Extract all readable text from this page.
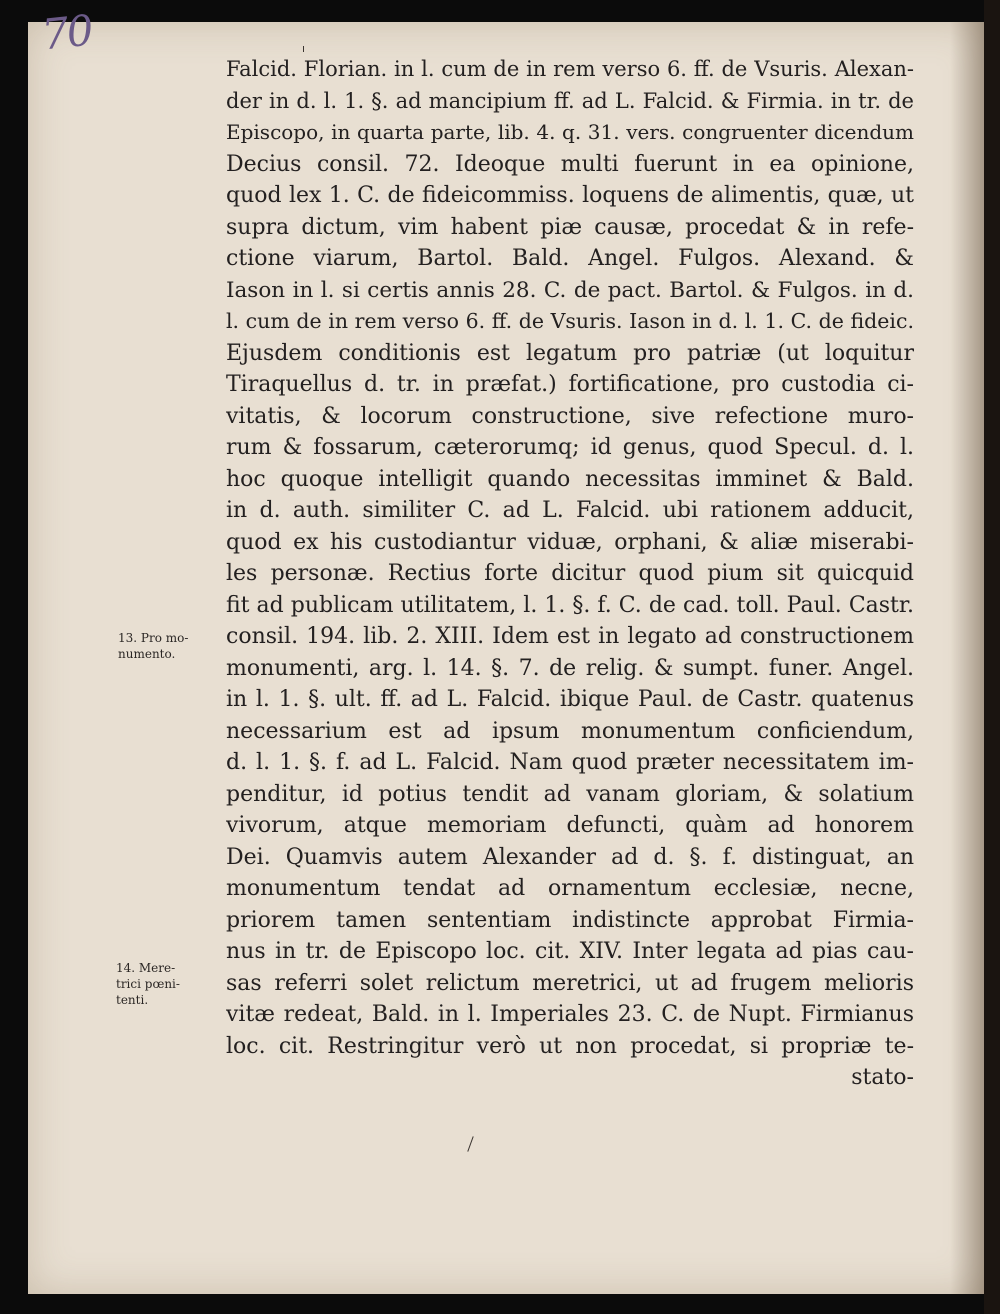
70
13. Pro mo-
numento.
14. Mere-
trici pœni-
tenti.
Falcid. Florian. in l. cum de in rem verso 6. ff. de Vsuris. Alexan-
der in d. l. 1. §. ad mancipium ff. ad L. Falcid. & Firmia. in tr. de
Episcopo, in quarta parte, lib. 4. q. 31. vers. congruenter dicendum
Decius consil. 72. Ideoque multi fuerunt in ea opinione,
quod lex 1. C. de fideicommiss. loquens de alimentis, quæ, ut
supra dictum, vim habent piæ causæ, procedat & in refe-
ctione viarum, Bartol. Bald. Angel. Fulgos. Alexand. &
Iason in l. si certis annis 28. C. de pact. Bartol. & Fulgos. in d.
l. cum de in rem verso 6. ff. de Vsuris. Iason in d. l. 1. C. de fideic.
Ejusdem conditionis est legatum pro patriæ (ut loquitur
Tiraquellus d. tr. in præfat.) fortificatione, pro custodia ci-
vitatis, & locorum constructione, sive refectione muro-
rum & fossarum, cæterorumq; id genus, quod Specul. d. l.
hoc quoque intelligit quando necessitas imminet & Bald.
in d. auth. similiter C. ad L. Falcid. ubi rationem adducit,
quod ex his custodiantur viduæ, orphani, & aliæ miserabi-
les personæ. Rectius forte dicitur quod pium sit quicquid
fit ad publicam utilitatem, l. 1. §. f. C. de cad. toll. Paul. Castr.
consil. 194. lib. 2. XIII. Idem est in legato ad constructionem
monumenti, arg. l. 14. §. 7. de relig. & sumpt. funer. Angel.
in l. 1. §. ult. ff. ad L. Falcid. ibique Paul. de Castr. quatenus
necessarium est ad ipsum monumentum conficiendum,
d. l. 1. §. f. ad L. Falcid. Nam quod præter necessitatem im-
penditur, id potius tendit ad vanam gloriam, & solatium
vivorum, atque memoriam defuncti, quàm ad honorem
Dei. Quamvis autem Alexander ad d. §. f. distinguat, an
monumentum tendat ad ornamentum ecclesiæ, necne,
priorem tamen sententiam indistincte approbat Firmia-
nus in tr. de Episcopo loc. cit. XIV. Inter legata ad pias cau-
sas referri solet relictum meretrici, ut ad frugem melioris
vitæ redeat, Bald. in l. Imperiales 23. C. de Nupt. Firmianus
loc. cit. Restringitur verò ut non procedat, si propriæ te-
stato-
